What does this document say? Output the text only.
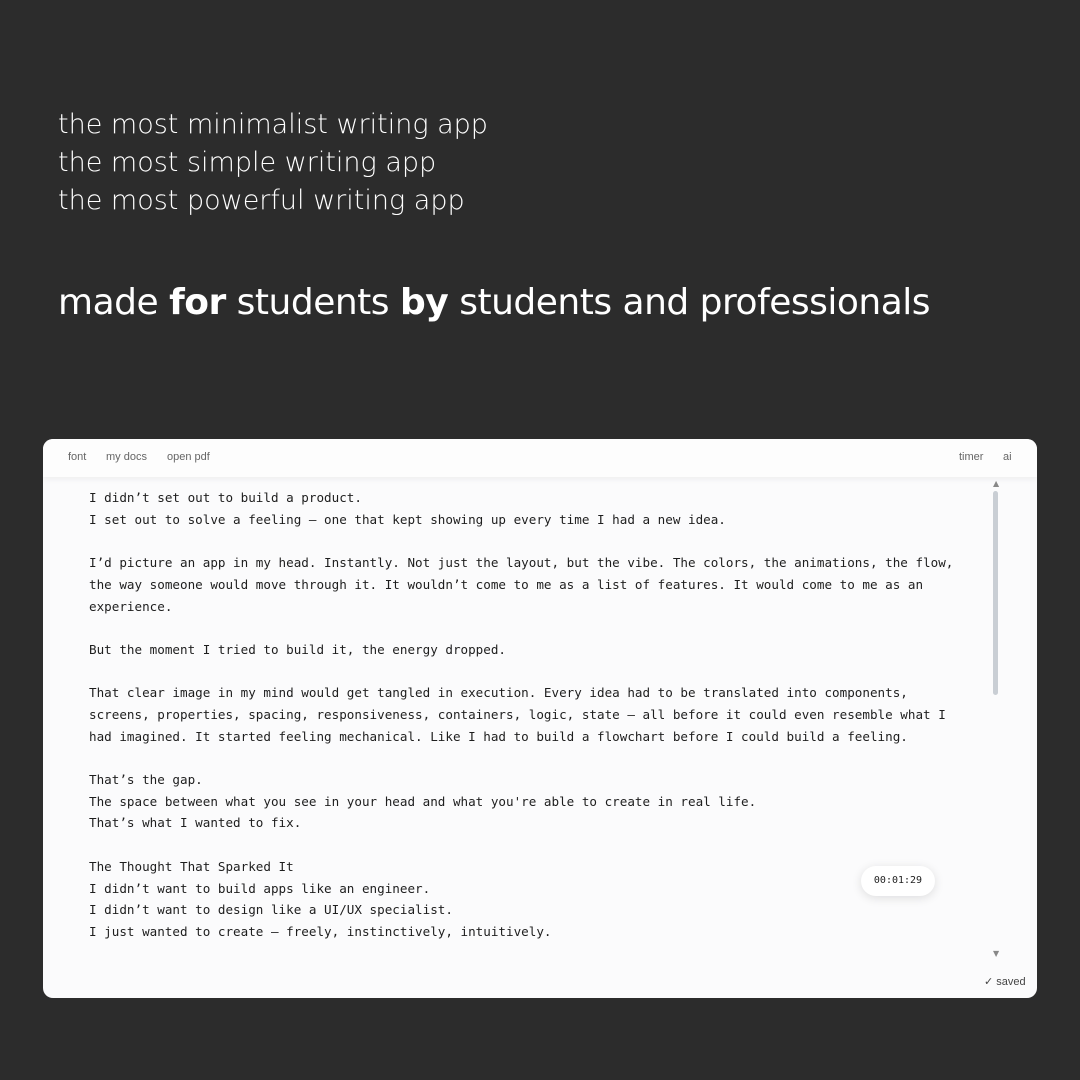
the most minimalist writing app
the most simple writing app
the most powerful writing app
made for students by students and professionals
font my docs open pdf	timer ai
I didn’t set out to build a product.
I set out to solve a feeling — one that kept showing up every time I had a new idea.
I’d picture an app in my head. Instantly. Not just the layout, but the vibe. The colors, the animations, the flow,
the way someone would move through it. It wouldn’t come to me as a list of features. It would come to me as an
experience.
But the moment I tried to build it, the energy dropped.
That clear image in my mind would get tangled in execution. Every idea had to be translated into components,
screens, properties, spacing, responsiveness, containers, logic, state — all before it could even resemble what I
had imagined. It started feeling mechanical. Like I had to build a flowchart before I could build a feeling.
That’s the gap.
The space between what you see in your head and what you're able to create in real life.
That’s what I wanted to fix.
The Thought That Sparked It
I didn’t want to build apps like an engineer.
I didn’t want to design like a UI/UX specialist.
I just wanted to create — freely, instinctively, intuitively.
▲
▼
00:01:29
✓ saved
